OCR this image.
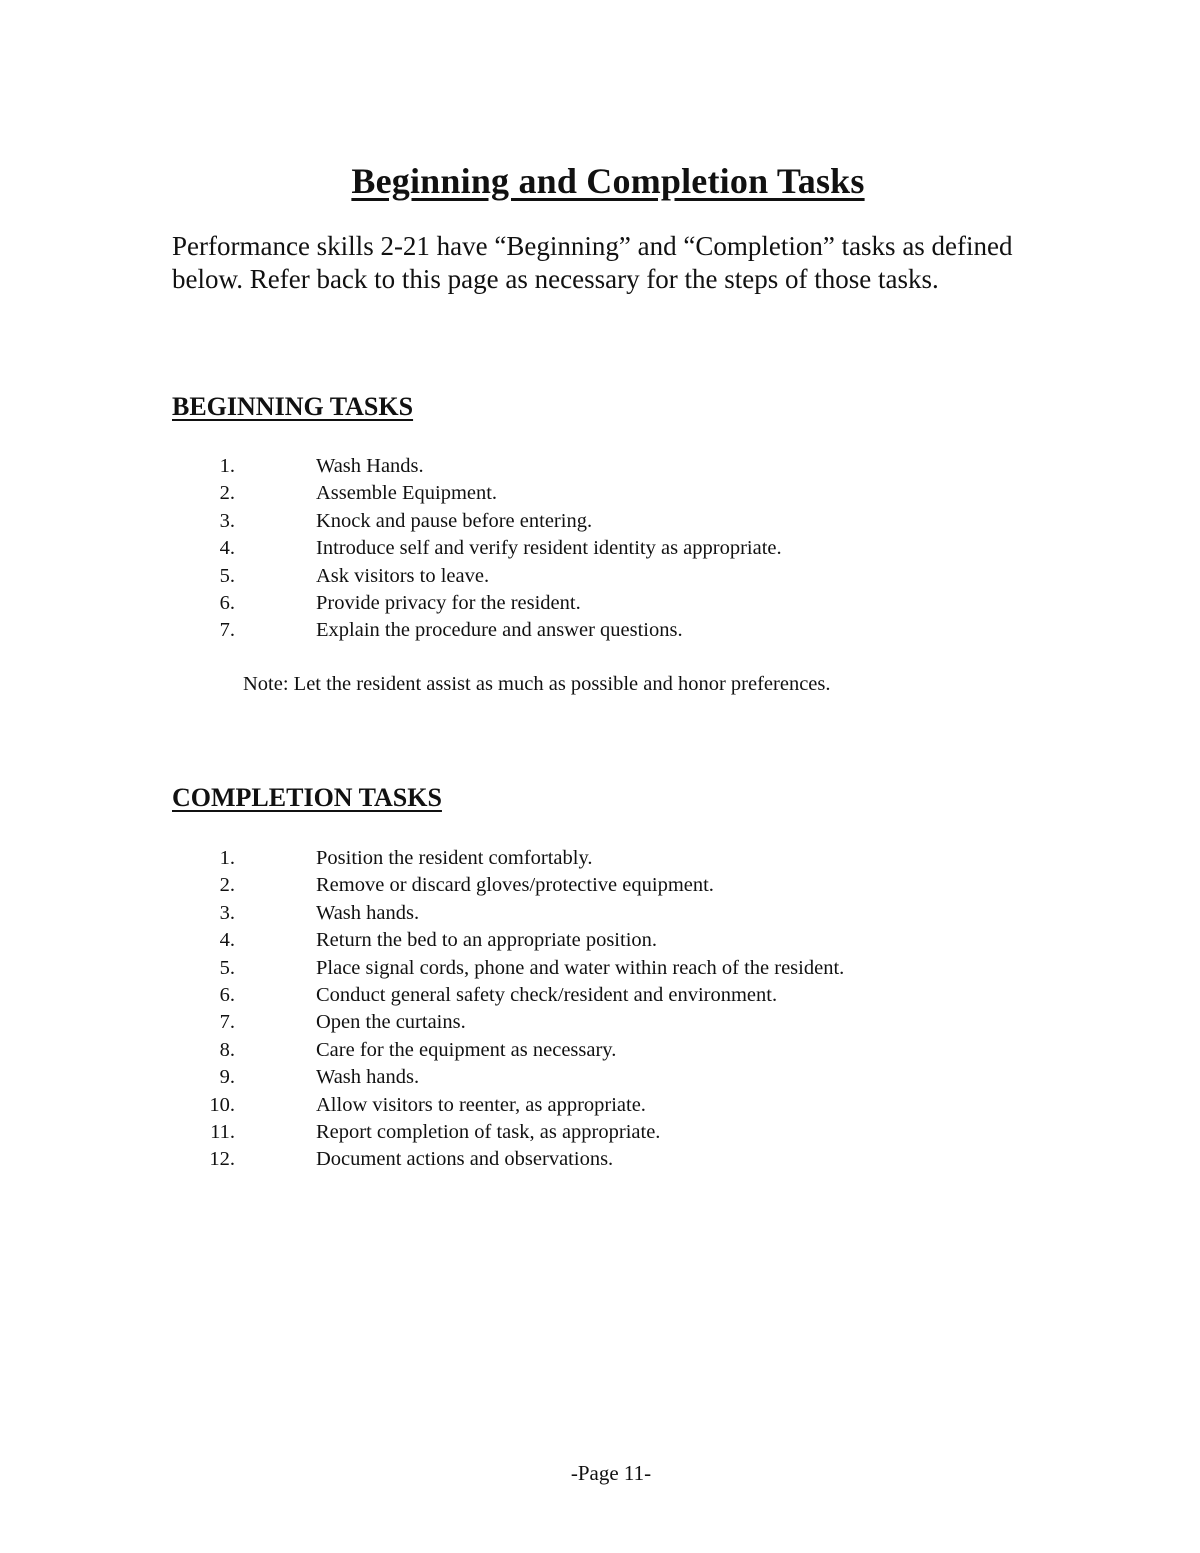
Beginning and Completion Tasks

Performance skills 2-21 have “Beginning” and “Completion” tasks as defined below. Refer back to this page as necessary for the steps of those tasks.

BEGINNING TASKS
1.	Wash Hands.
2.	Assemble Equipment.
3.	Knock and pause before entering.
4.	Introduce self and verify resident identity as appropriate.
5.	Ask visitors to leave.
6.	Provide privacy for the resident.
7.	Explain the procedure and answer questions.

Note: Let the resident assist as much as possible and honor preferences.

COMPLETION TASKS
1.	Position the resident comfortably.
2.	Remove or discard gloves/protective equipment.
3.	Wash hands.
4.	Return the bed to an appropriate position.
5.	Place signal cords, phone and water within reach of the resident.
6.	Conduct general safety check/resident and environment.
7.	Open the curtains.
8.	Care for the equipment as necessary.
9.	Wash hands.
10.	Allow visitors to reenter, as appropriate.
11.	Report completion of task, as appropriate.
12.	Document actions and observations.

-Page 11-
